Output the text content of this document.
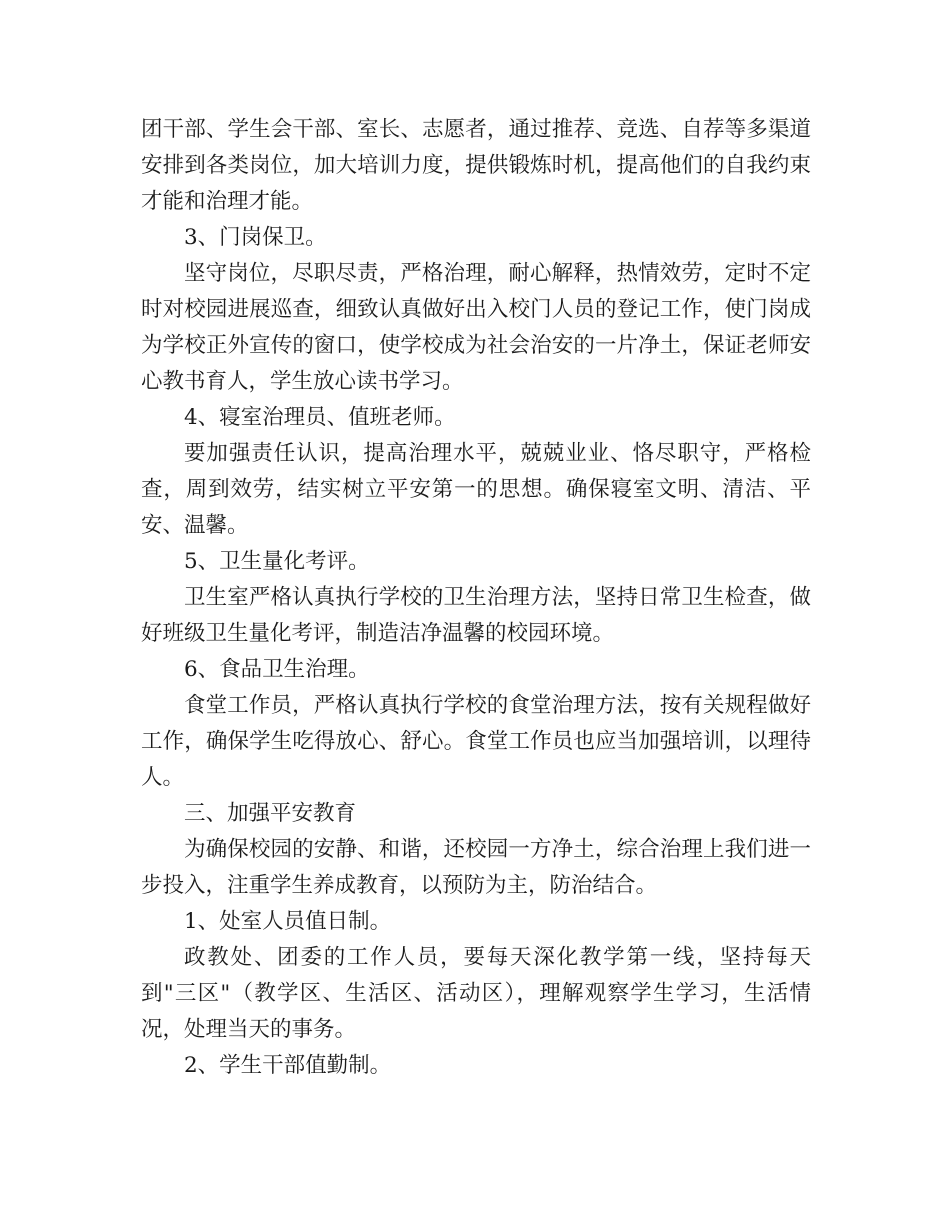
团干部、学生会干部、室长、志愿者，通过推荐、竞选、自荐等多渠道安排到各类岗位，加大培训力度，提供锻炼时机，提高他们的自我约束才能和治理才能。

3、门岗保卫。

坚守岗位，尽职尽责，严格治理，耐心解释，热情效劳，定时不定时对校园进展巡查，细致认真做好出入校门人员的登记工作，使门岗成为学校正外宣传的窗口，使学校成为社会治安的一片净土，保证老师安心教书育人，学生放心读书学习。

4、寝室治理员、值班老师。

要加强责任认识，提高治理水平，兢兢业业、恪尽职守，严格检查，周到效劳，结实树立平安第一的思想。确保寝室文明、清洁、平安、温馨。

5、卫生量化考评。

卫生室严格认真执行学校的卫生治理方法，坚持日常卫生检查，做好班级卫生量化考评，制造洁净温馨的校园环境。

6、食品卫生治理。

食堂工作员，严格认真执行学校的食堂治理方法，按有关规程做好工作，确保学生吃得放心、舒心。食堂工作员也应当加强培训，以理待人。

三、加强平安教育

为确保校园的安静、和谐，还校园一方净土，综合治理上我们进一步投入，注重学生养成教育，以预防为主，防治结合。

1、处室人员值日制。

政教处、团委的工作人员，要每天深化教学第一线，坚持每天到"三区"（教学区、生活区、活动区），理解观察学生学习，生活情况，处理当天的事务。

2、学生干部值勤制。
